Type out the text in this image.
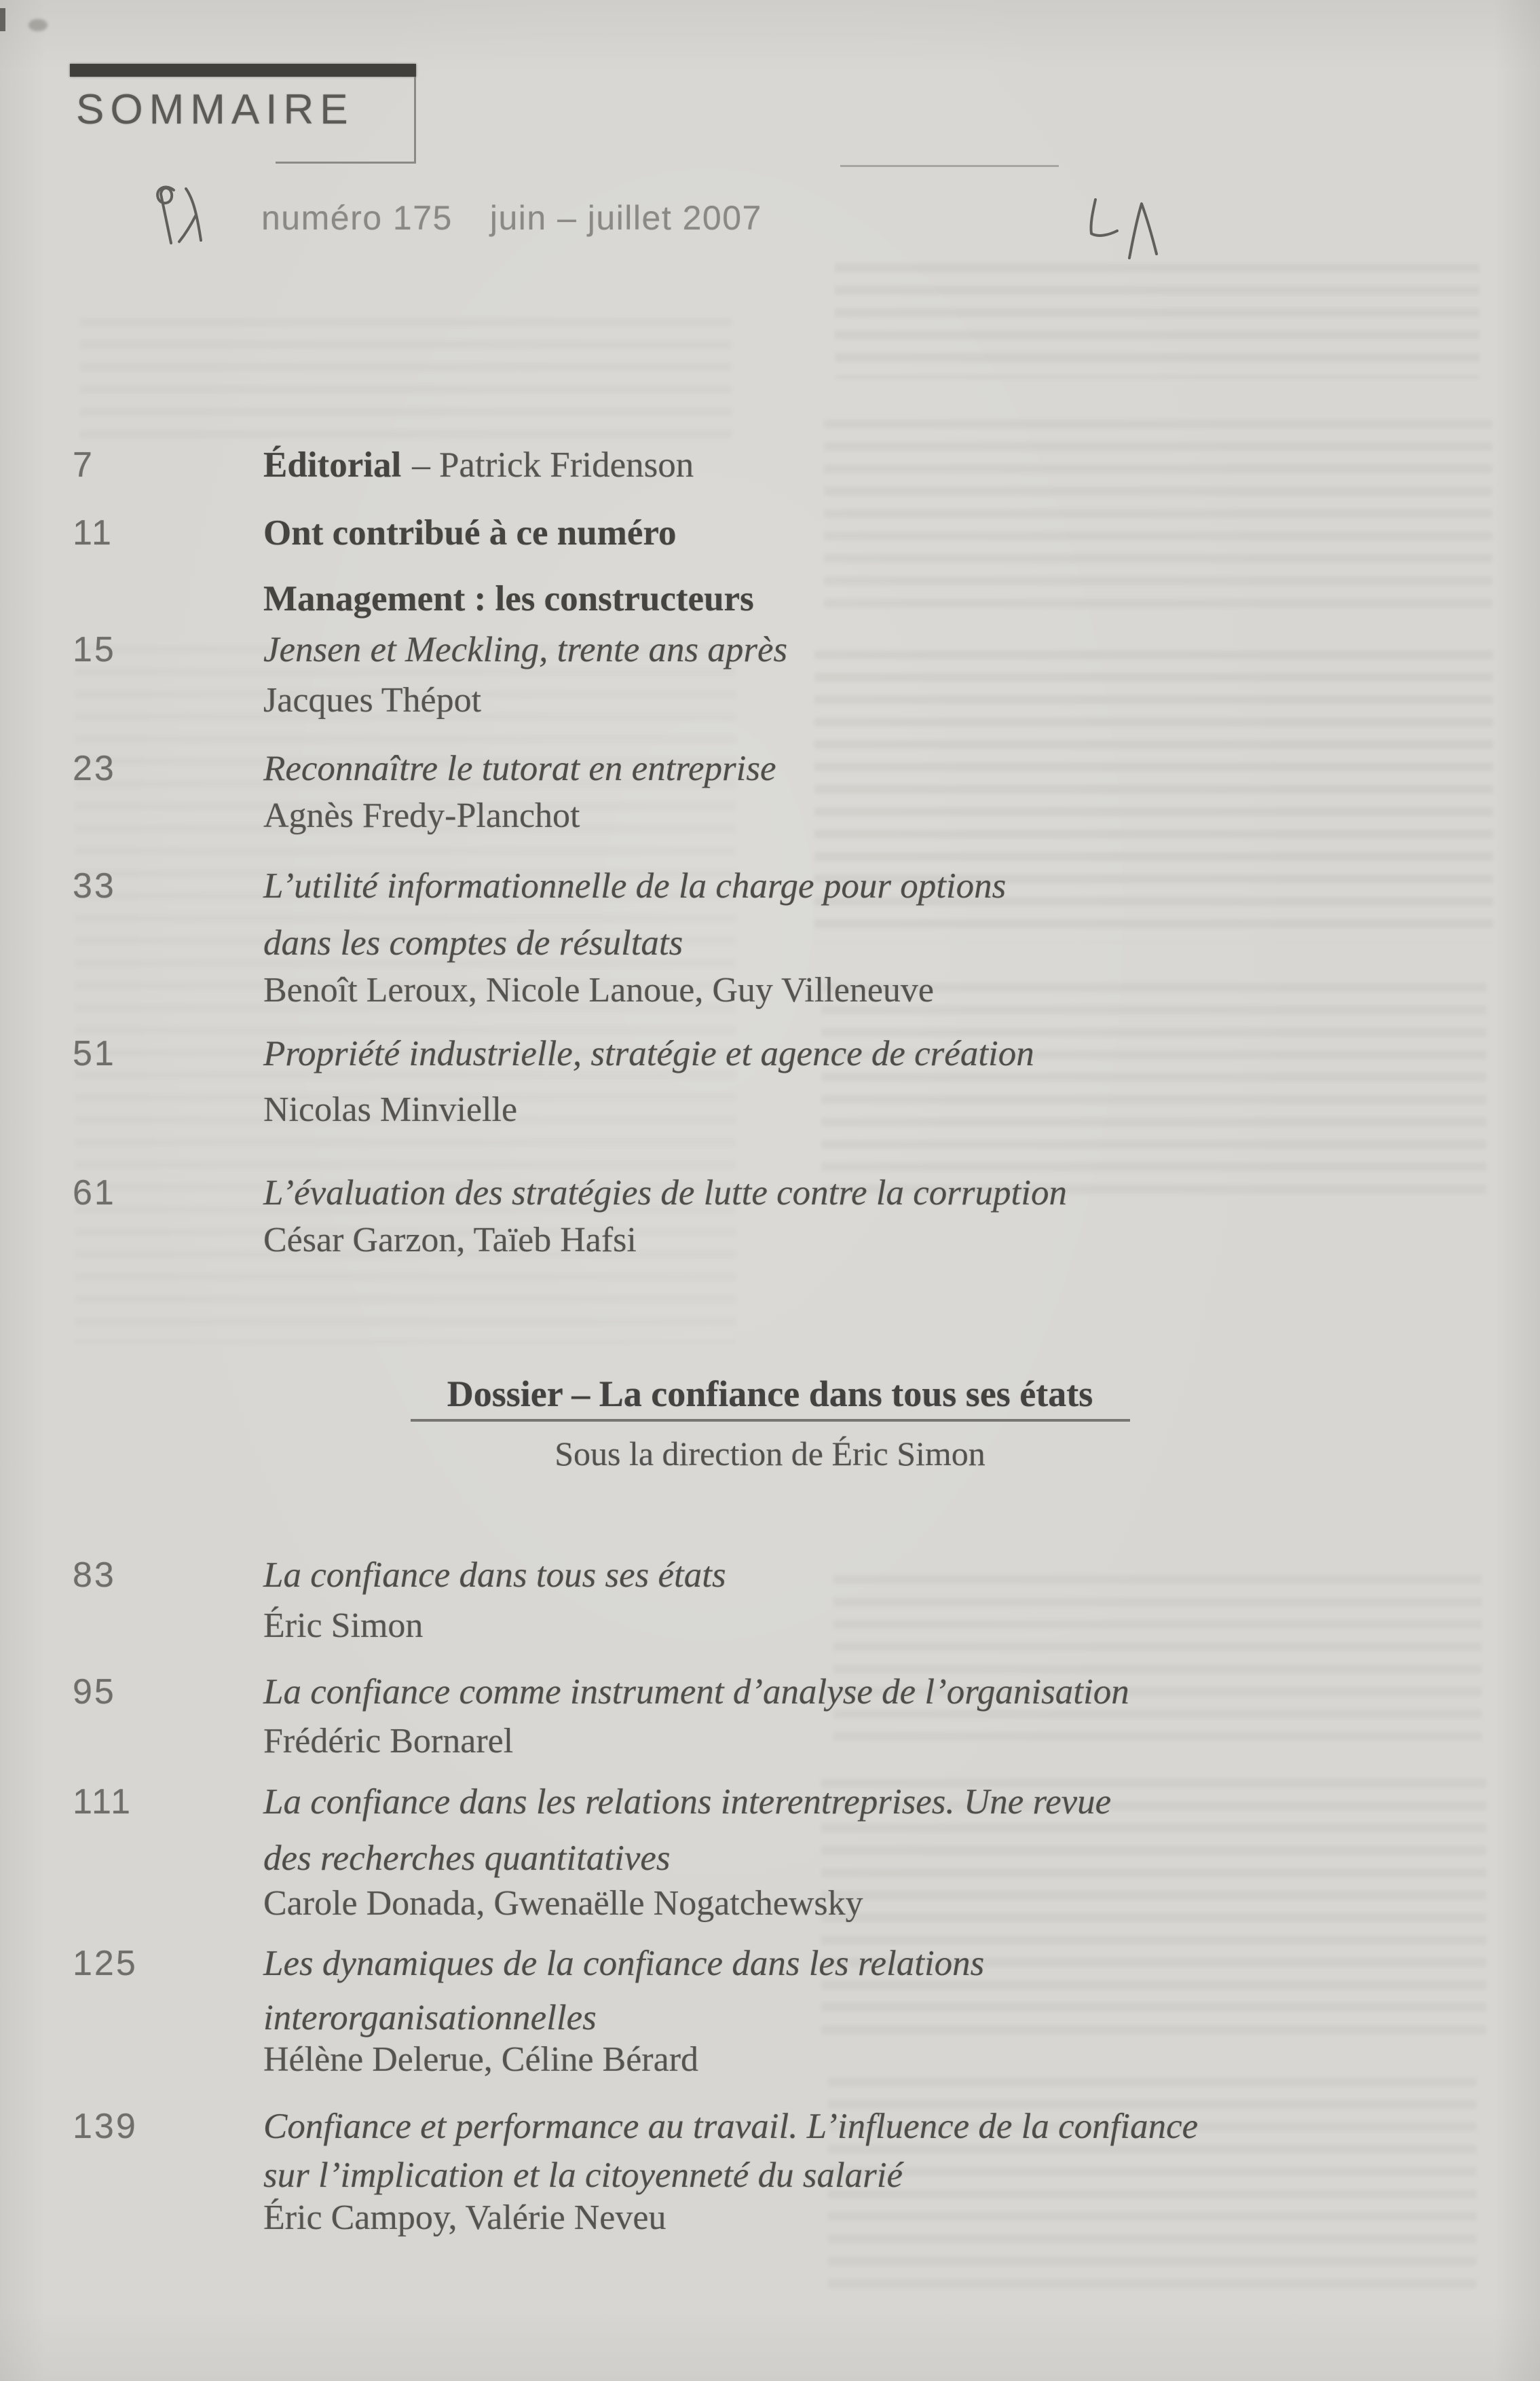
SOMMAIRE
numéro 175 juin – juillet 2007
7	Éditorial – Patrick Fridenson
11	Ont contribué à ce numéro
Management : les constructeurs
15	Jensen et Meckling, trente ans après
Jacques Thépot
23	Reconnaître le tutorat en entreprise
Agnès Fredy-Planchot
33	L’utilité informationnelle de la charge pour options
dans les comptes de résultats
Benoît Leroux, Nicole Lanoue, Guy Villeneuve
51	Propriété industrielle, stratégie et agence de création
Nicolas Minvielle
61	L’évaluation des stratégies de lutte contre la corruption
César Garzon, Taïeb Hafsi
Dossier – La confiance dans tous ses états
Sous la direction de Éric Simon
83	La confiance dans tous ses états
Éric Simon
95	La confiance comme instrument d’analyse de l’organisation
Frédéric Bornarel
111	La confiance dans les relations interentreprises. Une revue
des recherches quantitatives
Carole Donada, Gwenaëlle Nogatchewsky
125	Les dynamiques de la confiance dans les relations
interorganisationnelles
Hélène Delerue, Céline Bérard
139	Confiance et performance au travail. L’influence de la confiance
sur l’implication et la citoyenneté du salarié
Éric Campoy, Valérie Neveu
